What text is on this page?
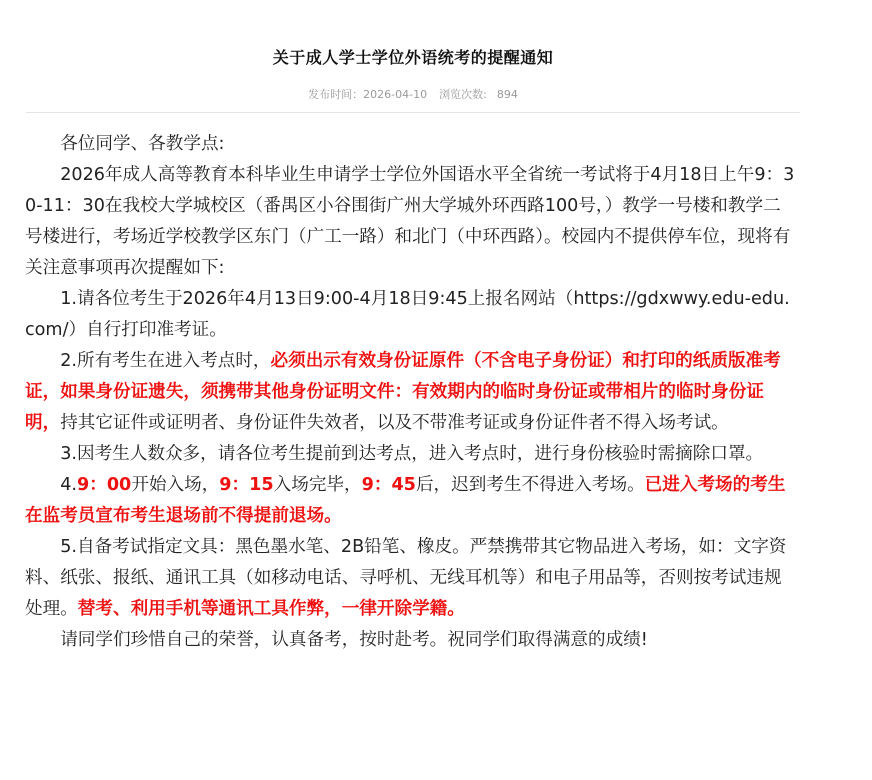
关于成人学士学位外语统考的提醒通知
发布时间：2026-04-10 浏览次数: 894

各位同学、各教学点:

2026年成人高等教育本科毕业生申请学士学位外国语水平全省统一考试将于4月18日上午9：30-11：30在我校大学城校区（番禺区小谷围街广州大学城外环西路100号，）教学一号楼和教学二号楼进行，考场近学校教学区东门（广工一路）和北门（中环西路）。校园内不提供停车位，现将有关注意事项再次提醒如下:

1.请各位考生于2026年4月13日9:00-4月18日9:45上报名网站（https://gdxwwy.edu-edu.com/）自行打印准考证。

2.所有考生在进入考点时，必须出示有效身份证原件（不含电子身份证）和打印的纸质版准考证，如果身份证遗失，须携带其他身份证明文件：有效期内的临时身份证或带相片的临时身份证明，持其它证件或证明者、身份证件失效者，以及不带准考证或身份证件者不得入场考试。

3.因考生人数众多，请各位考生提前到达考点，进入考点时，进行身份核验时需摘除口罩。

4.9：00开始入场，9：15入场完毕，9：45后，迟到考生不得进入考场。已进入考场的考生在监考员宣布考生退场前不得提前退场。

5.自备考试指定文具：黑色墨水笔、2B铅笔、橡皮。严禁携带其它物品进入考场，如：文字资料、纸张、报纸、通讯工具（如移动电话、寻呼机、无线耳机等）和电子用品等，否则按考试违规处理。替考、利用手机等通讯工具作弊，一律开除学籍。

请同学们珍惜自己的荣誉，认真备考，按时赴考。祝同学们取得满意的成绩!
